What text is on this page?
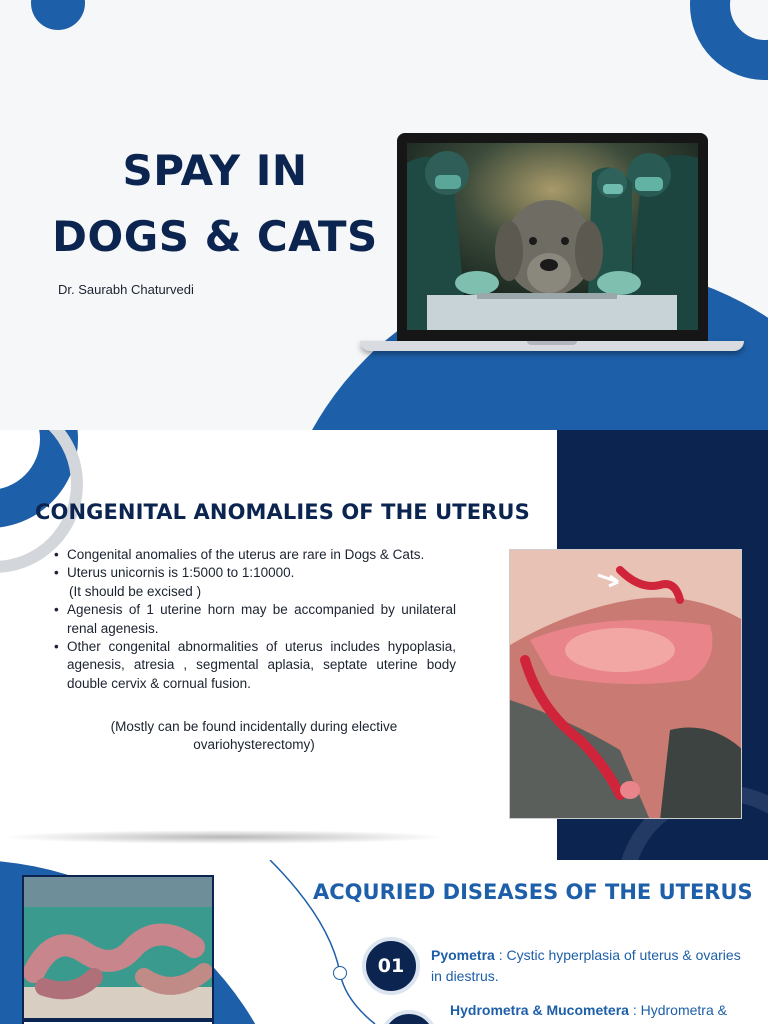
SPAY IN
DOGS & CATS
Dr. Saurabh Chaturvedi
CONGENITAL ANOMALIES OF THE UTERUS
• Congenital anomalies of the uterus are rare in Dogs & Cats.
• Uterus unicornis is 1:5000 to 1:10000.
(It should be excised )
• Agenesis of 1 uterine horn may be accompanied by unilateral renal agenesis.
• Other congenital abnormalities of uterus includes hypoplasia, agenesis, atresia , segmental aplasia, septate uterine body double cervix & cornual fusion.
(Mostly can be found incidentally during elective ovariohysterectomy)
ACQURIED DISEASES OF THE UTERUS
01	Pyometra : Cystic hyperplasia of uterus & ovaries in diestrus.
Hydrometra & Mucometera : Hydrometra &
